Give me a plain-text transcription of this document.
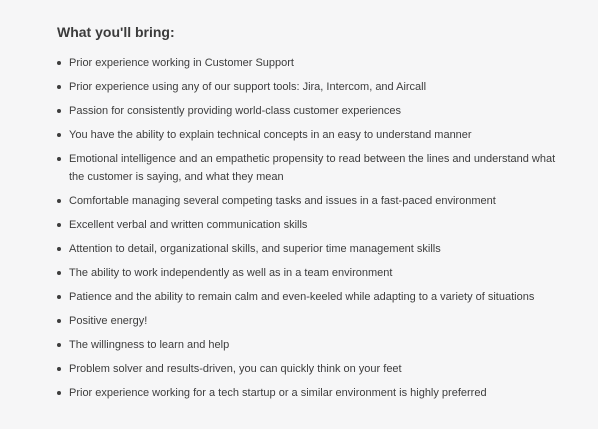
What you'll bring:
Prior experience working in Customer Support
Prior experience using any of our support tools: Jira, Intercom, and Aircall
Passion for consistently providing world-class customer experiences
You have the ability to explain technical concepts in an easy to understand manner
Emotional intelligence and an empathetic propensity to read between the lines and understand what the customer is saying, and what they mean
Comfortable managing several competing tasks and issues in a fast-paced environment
Excellent verbal and written communication skills
Attention to detail, organizational skills, and superior time management skills
The ability to work independently as well as in a team environment
Patience and the ability to remain calm and even-keeled while adapting to a variety of situations
Positive energy!
The willingness to learn and help
Problem solver and results-driven, you can quickly think on your feet
Prior experience working for a tech startup or a similar environment is highly preferred
